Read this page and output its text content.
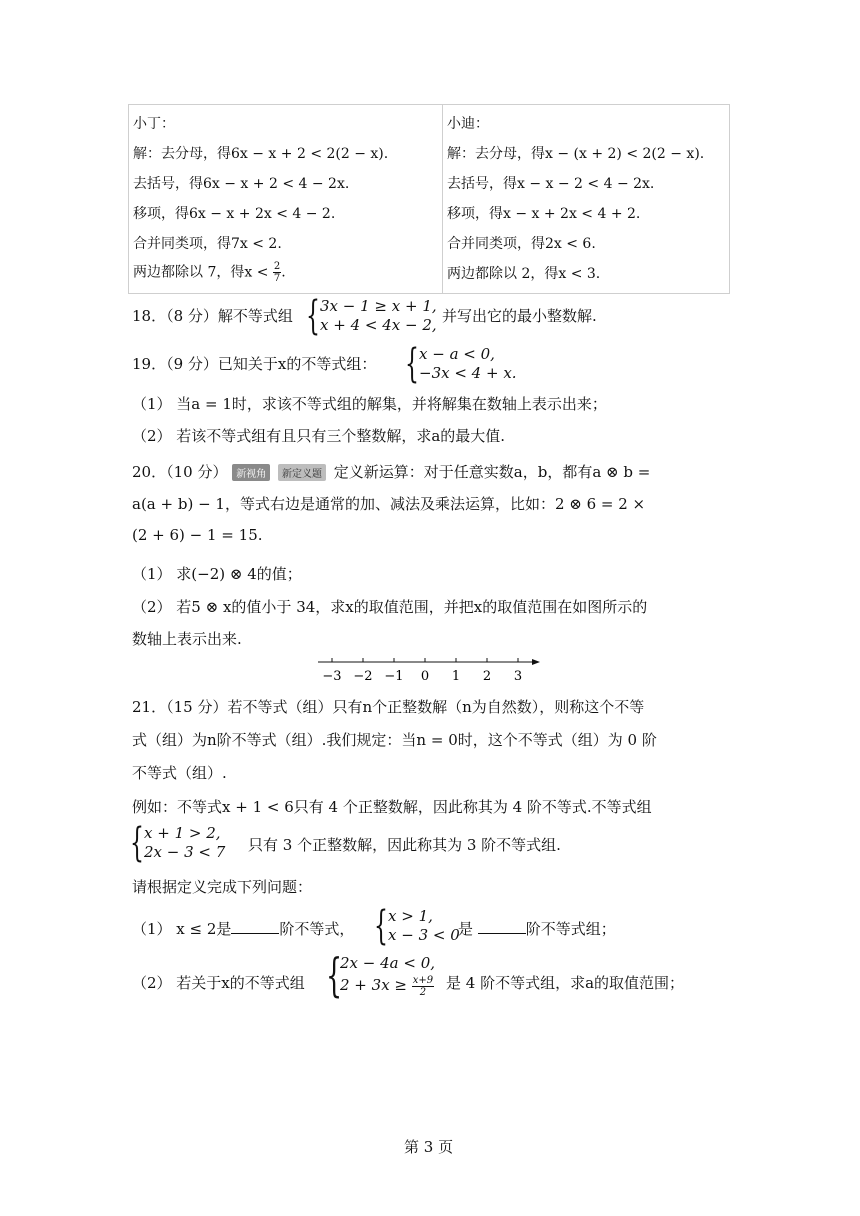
小丁：
解：去分母，得6x − x + 2 < 2(2 − x).
去括号，得6x − x + 2 < 4 − 2x.
移项，得6x − x + 2x < 4 − 2.
合并同类项，得7x < 2.
两边都除以 7，得$x < \frac{2}{7}$ .
小迪：
解：去分母，得x − (x + 2) < 2(2 − x).
去括号，得x − x − 2 < 4 − 2x.
移项，得x − x + 2x < 4 + 2.
合并同类项，得2x < 6.
两边都除以 2，得x < 3.
18．（8 分）解不等式组 { 3x − 1 ≥ x + 1,
x + 4 < 4x − 2, 并写出它的最小整数解.
19．（9 分）已知关于x的不等式组： { x − a < 0,
−3x < 4 + x.
（1） 当a = 1时，求该不等式组的解集，并将解集在数轴上表示出来；
（2） 若该不等式组有且只有三个整数解，求a的最大值.
20．（10 分） 新视角 新定义题 定义新运算：对于任意实数a，b，都有a ⊗ b =
a(a + b) − 1，等式右边是通常的加、减法及乘法运算，比如：2 ⊗ 6 = 2 ×
(2 + 6) − 1 = 15.
（1） 求(−2) ⊗ 4的值；
（2） 若5 ⊗ x的值小于 34，求x的取值范围，并把x的取值范围在如图所示的
数轴上表示出来.
−3 −2 −1 0 1 2 3
21．（15 分）若不等式（组）只有n个正整数解（n为自然数），则称这个不等
式（组）为n阶不等式（组）.我们规定：当n = 0时，这个不等式（组）为 0 阶
不等式（组）.
例如：不等式x + 1 < 6只有 4 个正整数解，因此称其为 4 阶不等式.不等式组
{ x + 1 > 2,
2x − 3 < 7 只有 3 个正整数解，因此称其为 3 阶不等式组.
请根据定义完成下列问题：
（1） x ≤ 2是	阶不等式， { x > 1,
x − 3 < 0
是	阶不等式组；
（2） 若关于x的不等式组 {
2x − 4a < 0,
$2 + 3x \ge \frac{x+9}{2}$ 是 4 阶不等式组，求a的取值范围；
第 3 页
